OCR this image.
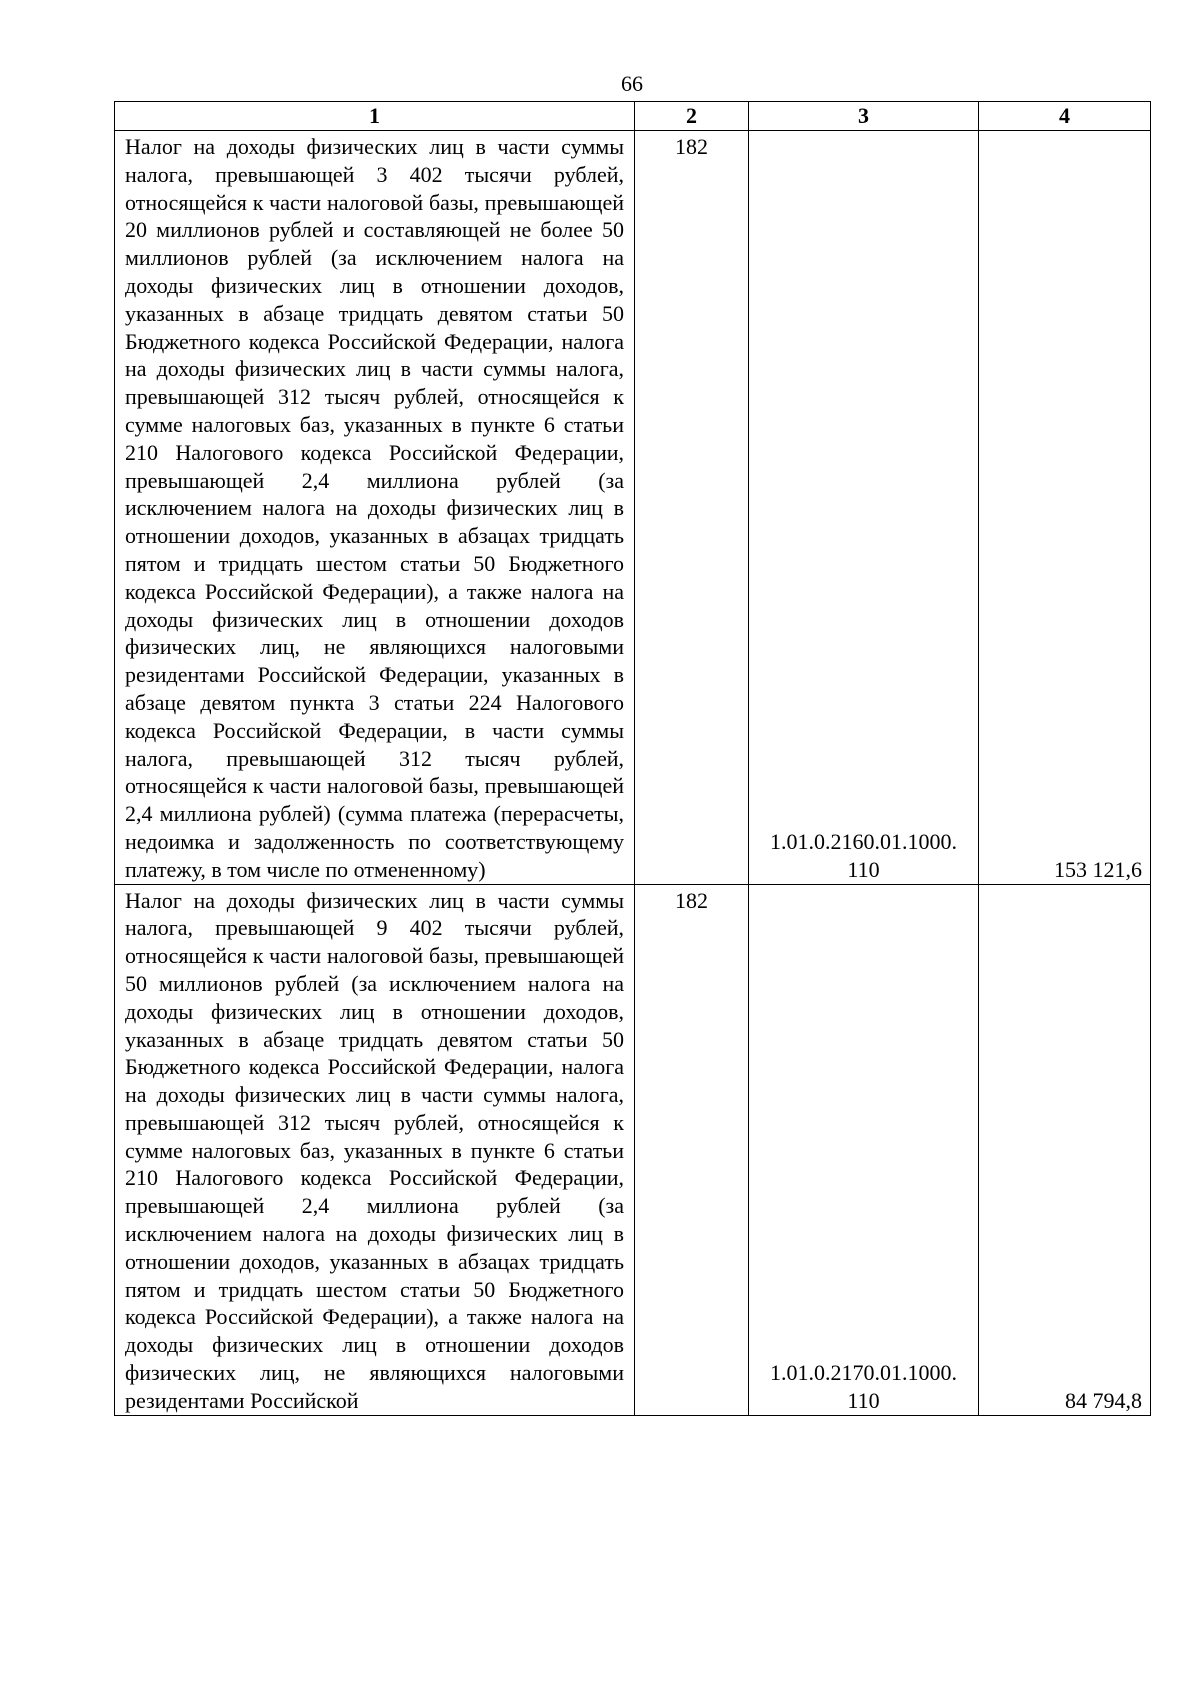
66
1	2	3	4
Налог на доходы физических лиц в части суммы налога, превышающей 3 402 тысячи рублей, относящейся к части налоговой базы, превышающей 20 миллионов рублей и составляющей не более 50 миллионов рублей (за исключением налога на доходы физических лиц в отношении доходов, указанных в абзаце тридцать девятом статьи 50 Бюджетного кодекса Российской Федерации, налога на доходы физических лиц в части суммы налога, превышающей 312 тысяч рублей, относящейся к сумме налоговых баз, указанных в пункте 6 статьи 210 Налогового кодекса Российской Федерации, превышающей 2,4 миллиона рублей (за исключением налога на доходы физических лиц в отношении доходов, указанных в абзацах тридцать пятом и тридцать шестом статьи 50 Бюджетного кодекса Российской Федерации), а также налога на доходы физических лиц в отношении доходов физических лиц, не являющихся налоговыми резидентами Российской Федерации, указанных в абзаце девятом пункта 3 статьи 224 Налогового кодекса Российской Федерации, в части суммы налога, превышающей 312 тысяч рублей, относящейся к части налоговой базы, превышающей 2,4 миллиона рублей) (сумма платежа (перерасчеты, недоимка и задолженность по соответствующему платежу, в том числе по отмененному)	182	1.01.0.2160.01.1000.
110	153 121,6
Налог на доходы физических лиц в части суммы налога, превышающей 9 402 тысячи рублей, относящейся к части налоговой базы, превышающей 50 миллионов рублей (за исключением налога на доходы физических лиц в отношении доходов, указанных в абзаце тридцать девятом статьи 50 Бюджетного кодекса Российской Федерации, налога на доходы физических лиц в части суммы налога, превышающей 312 тысяч рублей, относящейся к сумме налоговых баз, указанных в пункте 6 статьи 210 Налогового кодекса Российской Федерации, превышающей 2,4 миллиона рублей (за исключением налога на доходы физических лиц в отношении доходов, указанных в абзацах тридцать пятом и тридцать шестом статьи 50 Бюджетного кодекса Российской Федерации), а также налога на доходы физических лиц в отношении доходов физических лиц, не являющихся налоговыми резидентами Российской	182	1.01.0.2170.01.1000.
110	84 794,8
